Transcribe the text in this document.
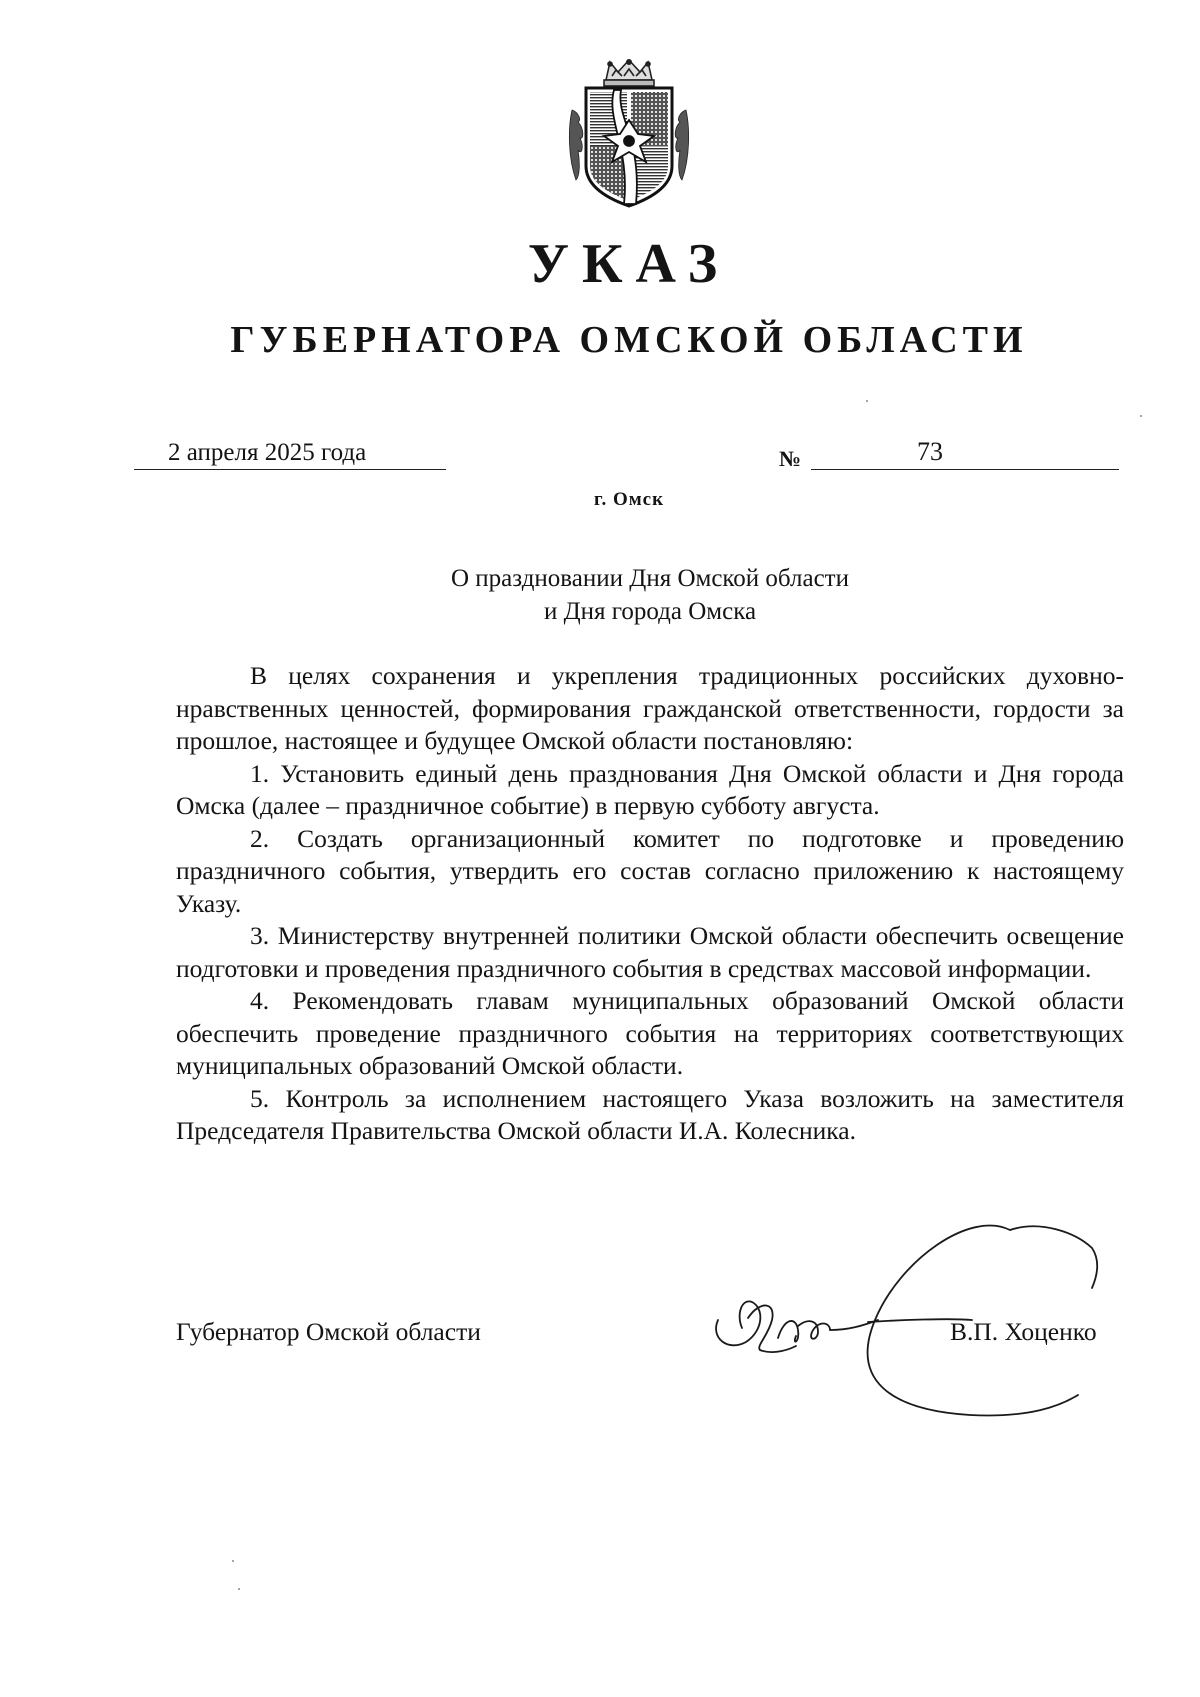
УКАЗ
ГУБЕРНАТОРА ОМСКОЙ ОБЛАСТИ
2 апреля 2025 года	№	73
г. Омск
О праздновании Дня Омской области
и Дня города Омска

В целях сохранения и укрепления традиционных российских духовно-нравственных ценностей, формирования гражданской ответственности, гордости за прошлое, настоящее и будущее Омской области постановляю:

1. Установить единый день празднования Дня Омской области и Дня города Омска (далее – праздничное событие) в первую субботу августа.

2. Создать организационный комитет по подготовке и проведению праздничного события, утвердить его состав согласно приложению к настоящему Указу.

3. Министерству внутренней политики Омской области обеспечить освещение подготовки и проведения праздничного события в средствах массовой информации.

4. Рекомендовать главам муниципальных образований Омской области обеспечить проведение праздничного события на территориях соответствующих муниципальных образований Омской области.

5. Контроль за исполнением настоящего Указа возложить на заместителя Председателя Правительства Омской области И.А. Колесника.

Губернатор Омской области	В.П. Хоценко
